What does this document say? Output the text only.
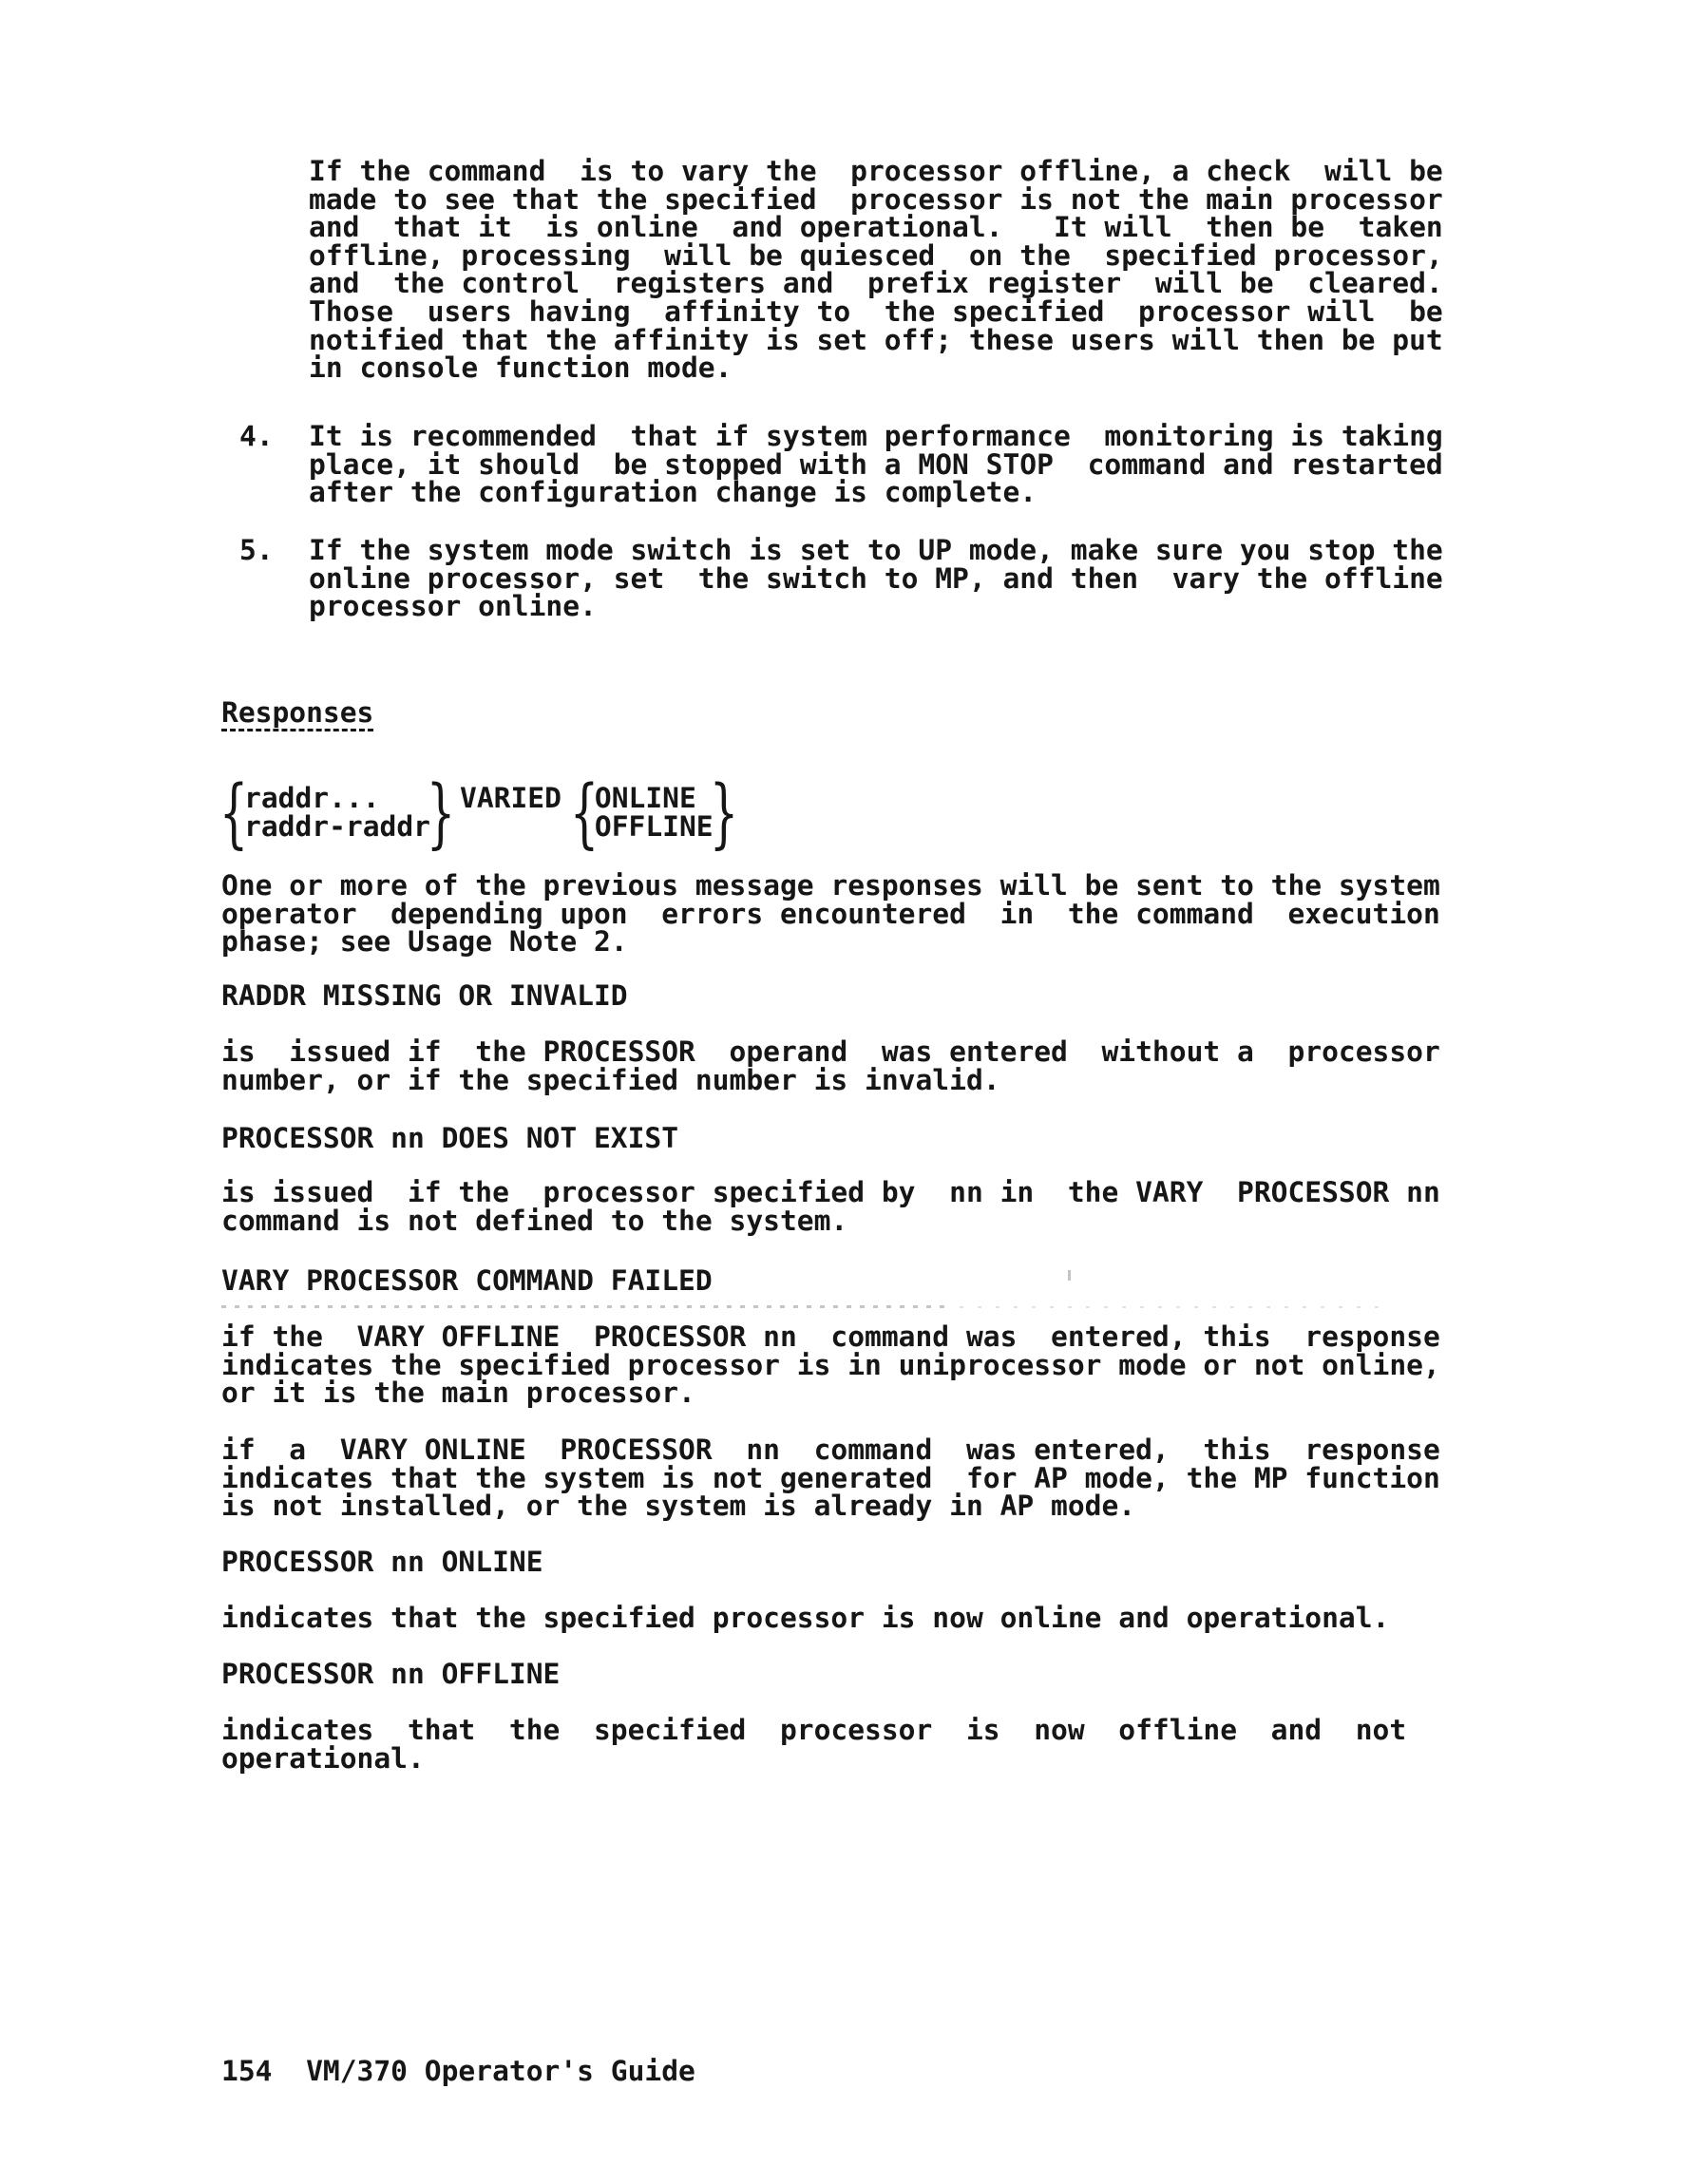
If the command  is to vary the  processor offline, a check  will be
made to see that the specified  processor is not the main processor
and  that it  is online  and operational.   It will  then be  taken
offline, processing  will be quiesced  on the  specified processor,
and  the control  registers and  prefix register  will be  cleared.
Those  users having  affinity to  the specified  processor will  be
notified that the affinity is set off; these users will then be put
in console function mode.
4. It is recommended  that if system performance  monitoring is taking
place, it should  be stopped with a MON STOP  command and restarted
after the configuration change is complete.
5. If the system mode switch is set to UP mode, make sure you stop the
online processor, set  the switch to MP, and then  vary the offline
processor online.
Responses
{
raddr...
raddr-raddr
} VARIED {
ONLINE
OFFLINE
}
One or more of the previous message responses will be sent to the system
operator  depending upon  errors encountered  in  the command  execution
phase; see Usage Note 2.
RADDR MISSING OR INVALID
is  issued if  the PROCESSOR  operand  was entered  without a  processor
number, or if the specified number is invalid.
PROCESSOR nn DOES NOT EXIST
is issued  if the  processor specified by  nn in  the VARY  PROCESSOR nn
command is not defined to the system.
VARY PROCESSOR COMMAND FAILED
if the  VARY OFFLINE  PROCESSOR nn  command was  entered, this  response
indicates the specified processor is in uniprocessor mode or not online,
or it is the main processor.
if  a  VARY ONLINE  PROCESSOR  nn  command  was entered,  this  response
indicates that the system is not generated  for AP mode, the MP function
is not installed, or the system is already in AP mode.
PROCESSOR nn ONLINE
indicates that the specified processor is now online and operational.
PROCESSOR nn OFFLINE
indicates  that  the  specified  processor  is  now  offline  and  not
operational.
154  VM/370 Operator's Guide
